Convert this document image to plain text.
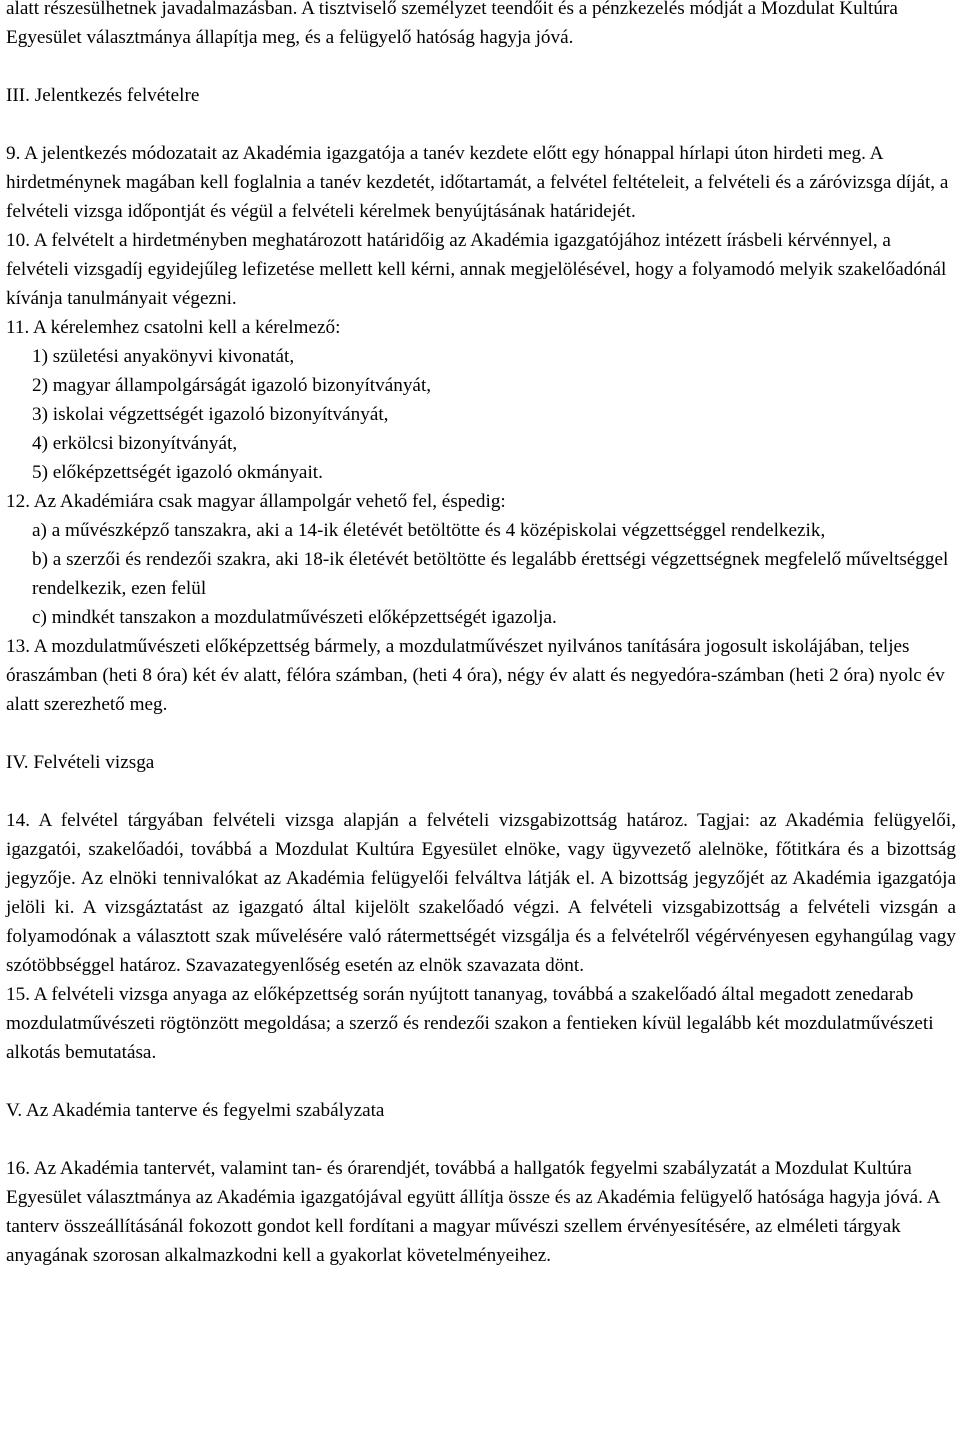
alatt részesülhetnek javadalmazásban. A tisztviselő személyzet teendőit és a pénzkezelés módját a Mozdulat Kultúra Egyesület választmánya állapítja meg, és a felügyelő hatóság hagyja jóvá.

III. Jelentkezés felvételre

9. A jelentkezés módozatait az Akadémia igazgatója a tanév kezdete előtt egy hónappal hírlapi úton hirdeti meg. A hirdetménynek magában kell foglalnia a tanév kezdetét, időtartamát, a felvétel feltételeit, a felvételi és a záróvizsga díját, a felvételi vizsga időpontját és végül a felvételi kérelmek benyújtásának határidejét.

10. A felvételt a hirdetményben meghatározott határidőig az Akadémia igazgatójához intézett írásbeli kérvénnyel, a felvételi vizsgadíj egyidejűleg lefizetése mellett kell kérni, annak megjelölésével, hogy a folyamodó melyik szakelőadónál kívánja tanulmányait végezni.

11. A kérelemhez csatolni kell a kérelmező:

1) születési anyakönyvi kivonatát,

2) magyar állampolgárságát igazoló bizonyítványát,

3) iskolai végzettségét igazoló bizonyítványát,

4) erkölcsi bizonyítványát,

5) előképzettségét igazoló okmányait.

12. Az Akadémiára csak magyar állampolgár vehető fel, éspedig:

a) a művészképző tanszakra, aki a 14-ik életévét betöltötte és 4 középiskolai végzettséggel rendelkezik,

b) a szerzői és rendezői szakra, aki 18-ik életévét betöltötte és legalább érettségi végzettségnek megfelelő műveltséggel rendelkezik, ezen felül

c) mindkét tanszakon a mozdulatművészeti előképzettségét igazolja.

13. A mozdulatművészeti előképzettség bármely, a mozdulatművészet nyilvános tanítására jogosult iskolájában, teljes óraszámban (heti 8 óra) két év alatt, félóra számban, (heti 4 óra), négy év alatt és negyedóra-számban (heti 2 óra) nyolc év alatt szerezhető meg.

IV. Felvételi vizsga

14. A felvétel tárgyában felvételi vizsga alapján a felvételi vizsgabizottság határoz. Tagjai: az Akadémia felügyelői, igazgatói, szakelőadói, továbbá a Mozdulat Kultúra Egyesület elnöke, vagy ügyvezető alelnöke, főtitkára és a bizottság jegyzője. Az elnöki tennivalókat az Akadémia felügyelői felváltva látják el. A bizottság jegyzőjét az Akadémia igazgatója jelöli ki. A vizsgáztatást az igazgató által kijelölt szakelőadó végzi. A felvételi vizsgabizottság a felvételi vizsgán a folyamodónak a választott szak művelésére való rátermettségét vizsgálja és a felvételről végérvényesen egyhangúlag vagy szótöbbséggel határoz. Szavazategyenlőség esetén az elnök szavazata dönt.

15. A felvételi vizsga anyaga az előképzettség során nyújtott tananyag, továbbá a szakelőadó által megadott zenedarab mozdulatművészeti rögtönzött megoldása; a szerző és rendezői szakon a fentieken kívül legalább két mozdulatművészeti alkotás bemutatása.

V. Az Akadémia tanterve és fegyelmi szabályzata

16. Az Akadémia tantervét, valamint tan- és órarendjét, továbbá a hallgatók fegyelmi szabályzatát a Mozdulat Kultúra Egyesület választmánya az Akadémia igazgatójával együtt állítja össze és az Akadémia felügyelő hatósága hagyja jóvá. A tanterv összeállításánál fokozott gondot kell fordítani a magyar művészi szellem érvényesítésére, az elméleti tárgyak anyagának szorosan alkalmazkodni kell a gyakorlat követelményeihez.
